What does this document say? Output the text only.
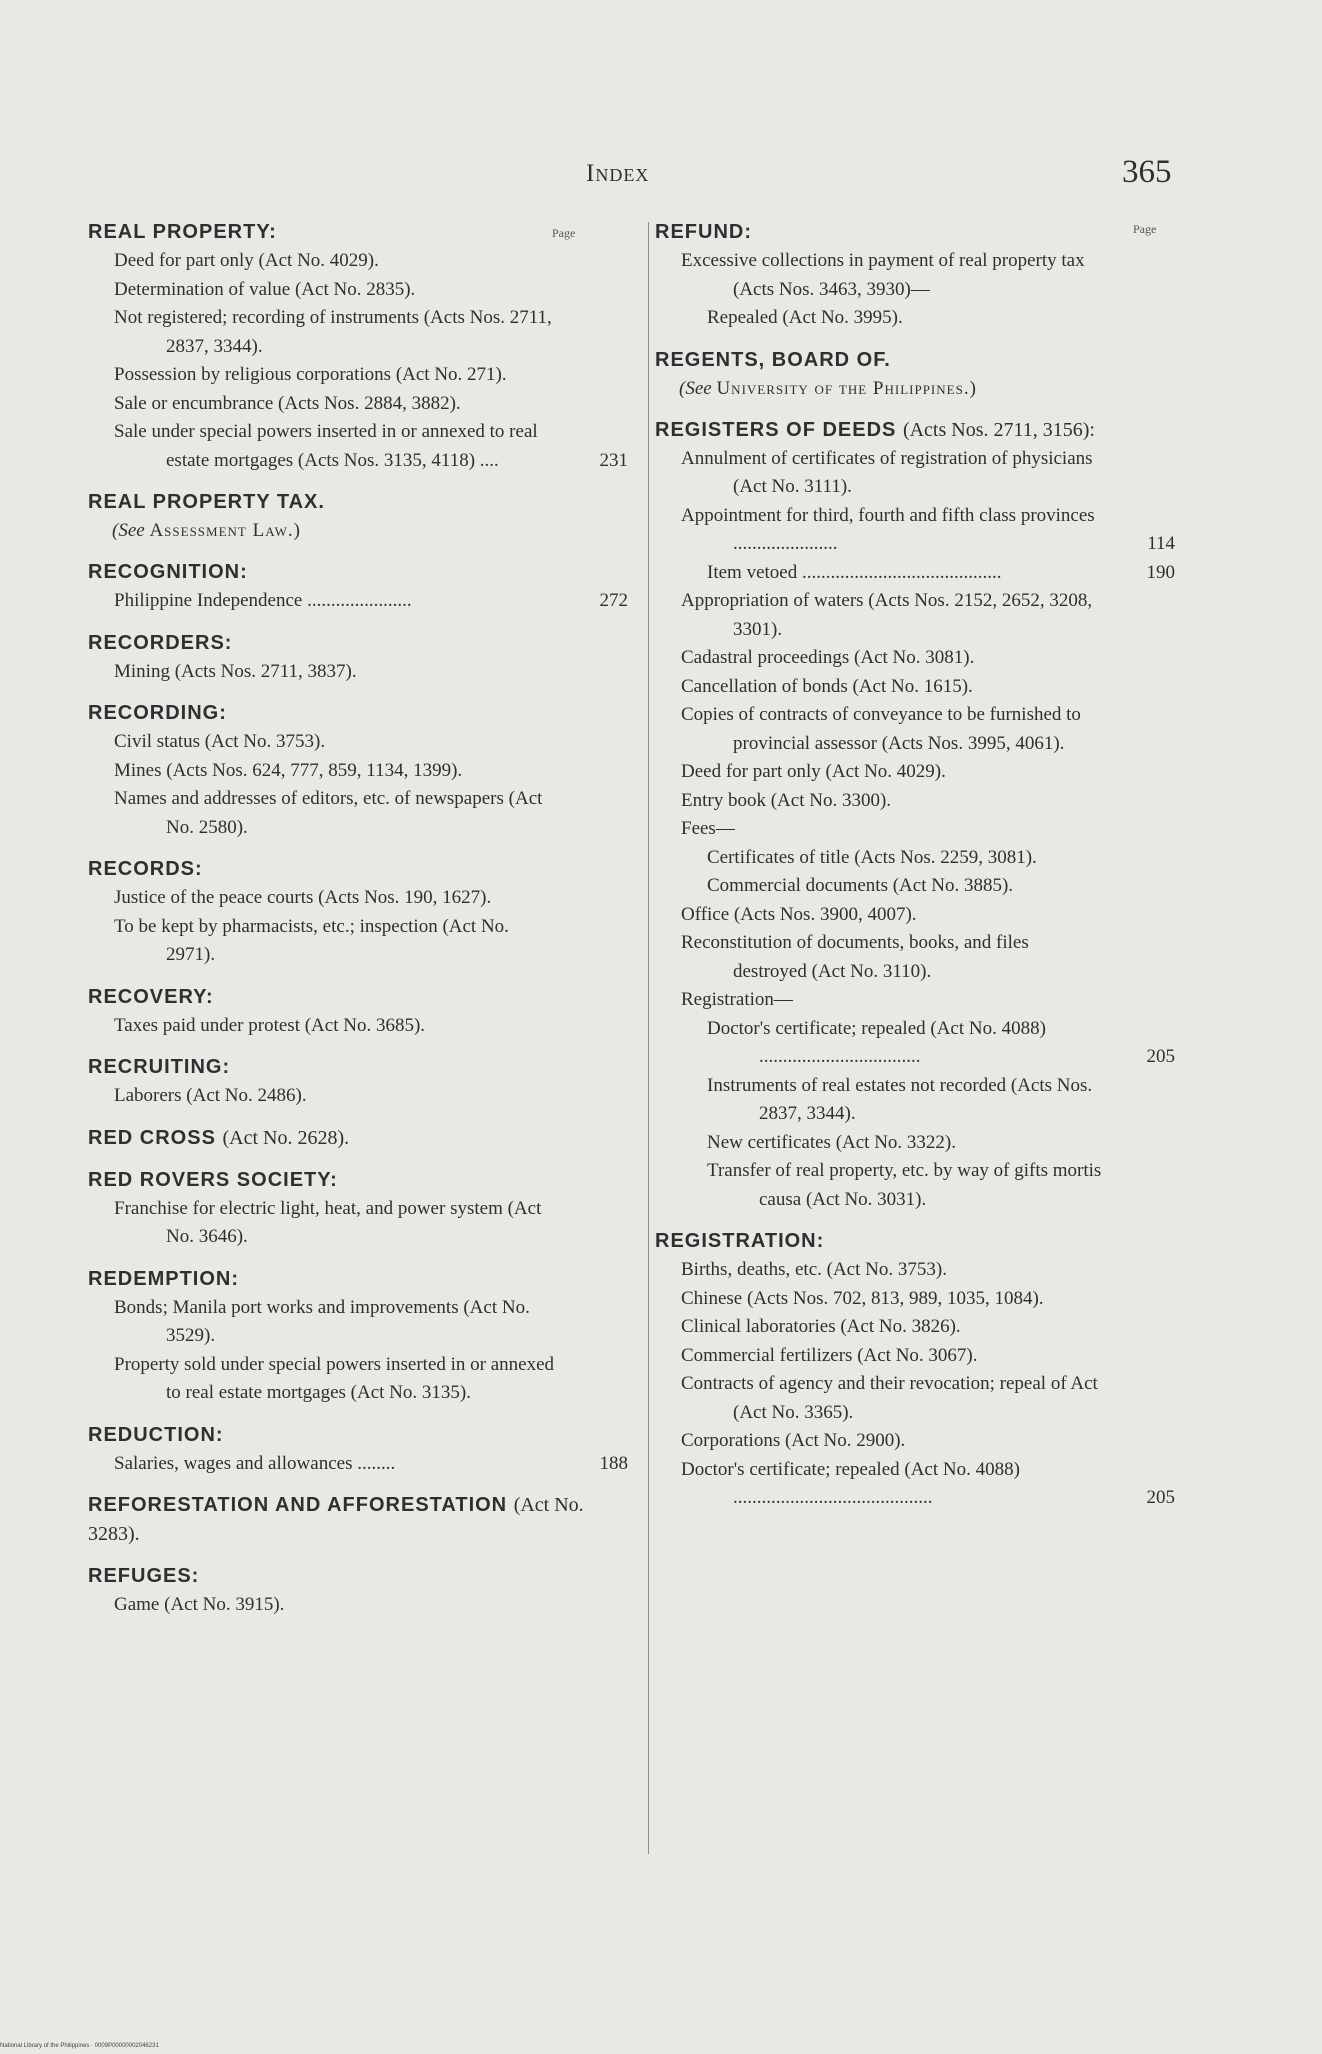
Index	365
Page	Page
REAL PROPERTY:
Deed for part only (Act No. 4029).
Determination of value (Act No. 2835).
Not registered; recording of instruments (Acts Nos. 2711, 2837, 3344).
Possession by religious corporations (Act No. 271).
Sale or encumbrance (Acts Nos. 2884, 3882).
Sale under special powers inserted in or annexed to real estate mortgages (Acts Nos. 3135, 4118) ....	231
REAL PROPERTY TAX.
(See Assessment Law.)
RECOGNITION:
Philippine Independence ......................	272
RECORDERS:
Mining (Acts Nos. 2711, 3837).
RECORDING:
Civil status (Act No. 3753).
Mines (Acts Nos. 624, 777, 859, 1134, 1399).
Names and addresses of editors, etc. of newspapers (Act No. 2580).
RECORDS:
Justice of the peace courts (Acts Nos. 190, 1627).
To be kept by pharmacists, etc.; inspection (Act No. 2971).
RECOVERY:
Taxes paid under protest (Act No. 3685).
RECRUITING:
Laborers (Act No. 2486).
RED CROSS (Act No. 2628).
RED ROVERS SOCIETY:
Franchise for electric light, heat, and power system (Act No. 3646).
REDEMPTION:
Bonds; Manila port works and improvements (Act No. 3529).
Property sold under special powers inserted in or annexed to real estate mortgages (Act No. 3135).
REDUCTION:
Salaries, wages and allowances ........	188
REFORESTATION AND AFFORESTATION (Act No. 3283).
REFUGES:
Game (Act No. 3915).
REFUND:
Excessive collections in payment of real property tax (Acts Nos. 3463, 3930)—
Repealed (Act No. 3995).
REGENTS, BOARD OF.
(See University of the Philippines.)
REGISTERS OF DEEDS (Acts Nos. 2711, 3156):
Annulment of certificates of registration of physicians (Act No. 3111).
Appointment for third, fourth and fifth class provinces ......................	114
Item vetoed ..........................................	190
Appropriation of waters (Acts Nos. 2152, 2652, 3208, 3301).
Cadastral proceedings (Act No. 3081).
Cancellation of bonds (Act No. 1615).
Copies of contracts of conveyance to be furnished to provincial assessor (Acts Nos. 3995, 4061).
Deed for part only (Act No. 4029).
Entry book (Act No. 3300).
Fees—
Certificates of title (Acts Nos. 2259, 3081).
Commercial documents (Act No. 3885).
Office (Acts Nos. 3900, 4007).
Reconstitution of documents, books, and files destroyed (Act No. 3110).
Registration—
Doctor's certificate; repealed (Act No. 4088) ..................................	205
Instruments of real estates not recorded (Acts Nos. 2837, 3344).
New certificates (Act No. 3322).
Transfer of real property, etc. by way of gifts mortis causa (Act No. 3031).
REGISTRATION:
Births, deaths, etc. (Act No. 3753).
Chinese (Acts Nos. 702, 813, 989, 1035, 1084).
Clinical laboratories (Act No. 3826).
Commercial fertilizers (Act No. 3067).
Contracts of agency and their revocation; repeal of Act (Act No. 3365).
Corporations (Act No. 2900).
Doctor's certificate; repealed (Act No. 4088) ..........................................	205
National Library of the Philippines · 0009P00000002046231
